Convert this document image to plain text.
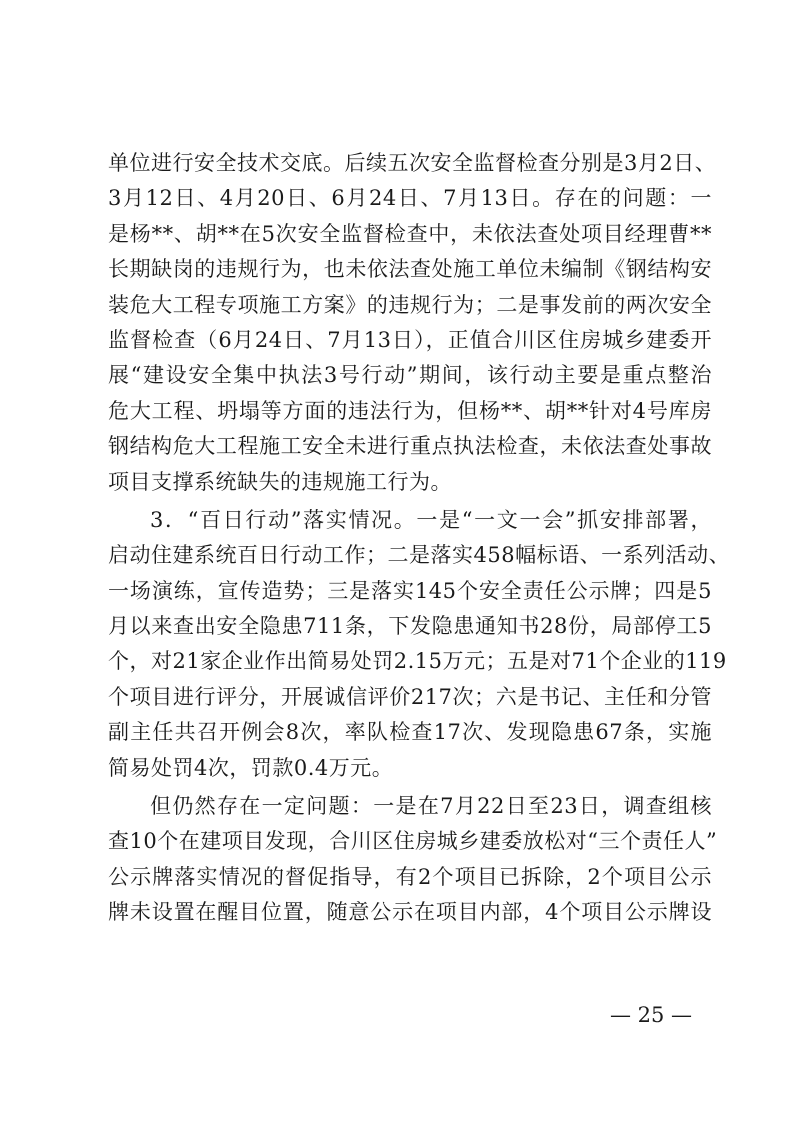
单位进行安全技术交底。后续五次安全监督检查分别是3月2日、
3月12日、4月20日、6月24日、7月13日。存在的问题：一
是杨**、胡**在5次安全监督检查中，未依法查处项目经理曹**
长期缺岗的违规行为，也未依法查处施工单位未编制《钢结构安
装危大工程专项施工方案》的违规行为；二是事发前的两次安全
监督检查（6月24日、7月13日），正值合川区住房城乡建委开
展“建设安全集中执法3号行动”期间，该行动主要是重点整治
危大工程、坍塌等方面的违法行为，但杨**、胡**针对4号库房
钢结构危大工程施工安全未进行重点执法检查，未依法查处事故
项目支撑系统缺失的违规施工行为。
3．“百日行动”落实情况。一是“一文一会”抓安排部署，
启动住建系统百日行动工作；二是落实458幅标语、一系列活动、
一场演练，宣传造势；三是落实145个安全责任公示牌；四是5
月以来查出安全隐患711条，下发隐患通知书28份，局部停工5
个，对21家企业作出简易处罚2.15万元；五是对71个企业的119
个项目进行评分，开展诚信评价217次；六是书记、主任和分管
副主任共召开例会8次，率队检查17次、发现隐患67条，实施
简易处罚4次，罚款0.4万元。
但仍然存在一定问题：一是在7月22日至23日，调查组核
查10个在建项目发现，合川区住房城乡建委放松对“三个责任人”
公示牌落实情况的督促指导，有2个项目已拆除，2个项目公示
牌未设置在醒目位置，随意公示在项目内部，4个项目公示牌设
— 25 —
